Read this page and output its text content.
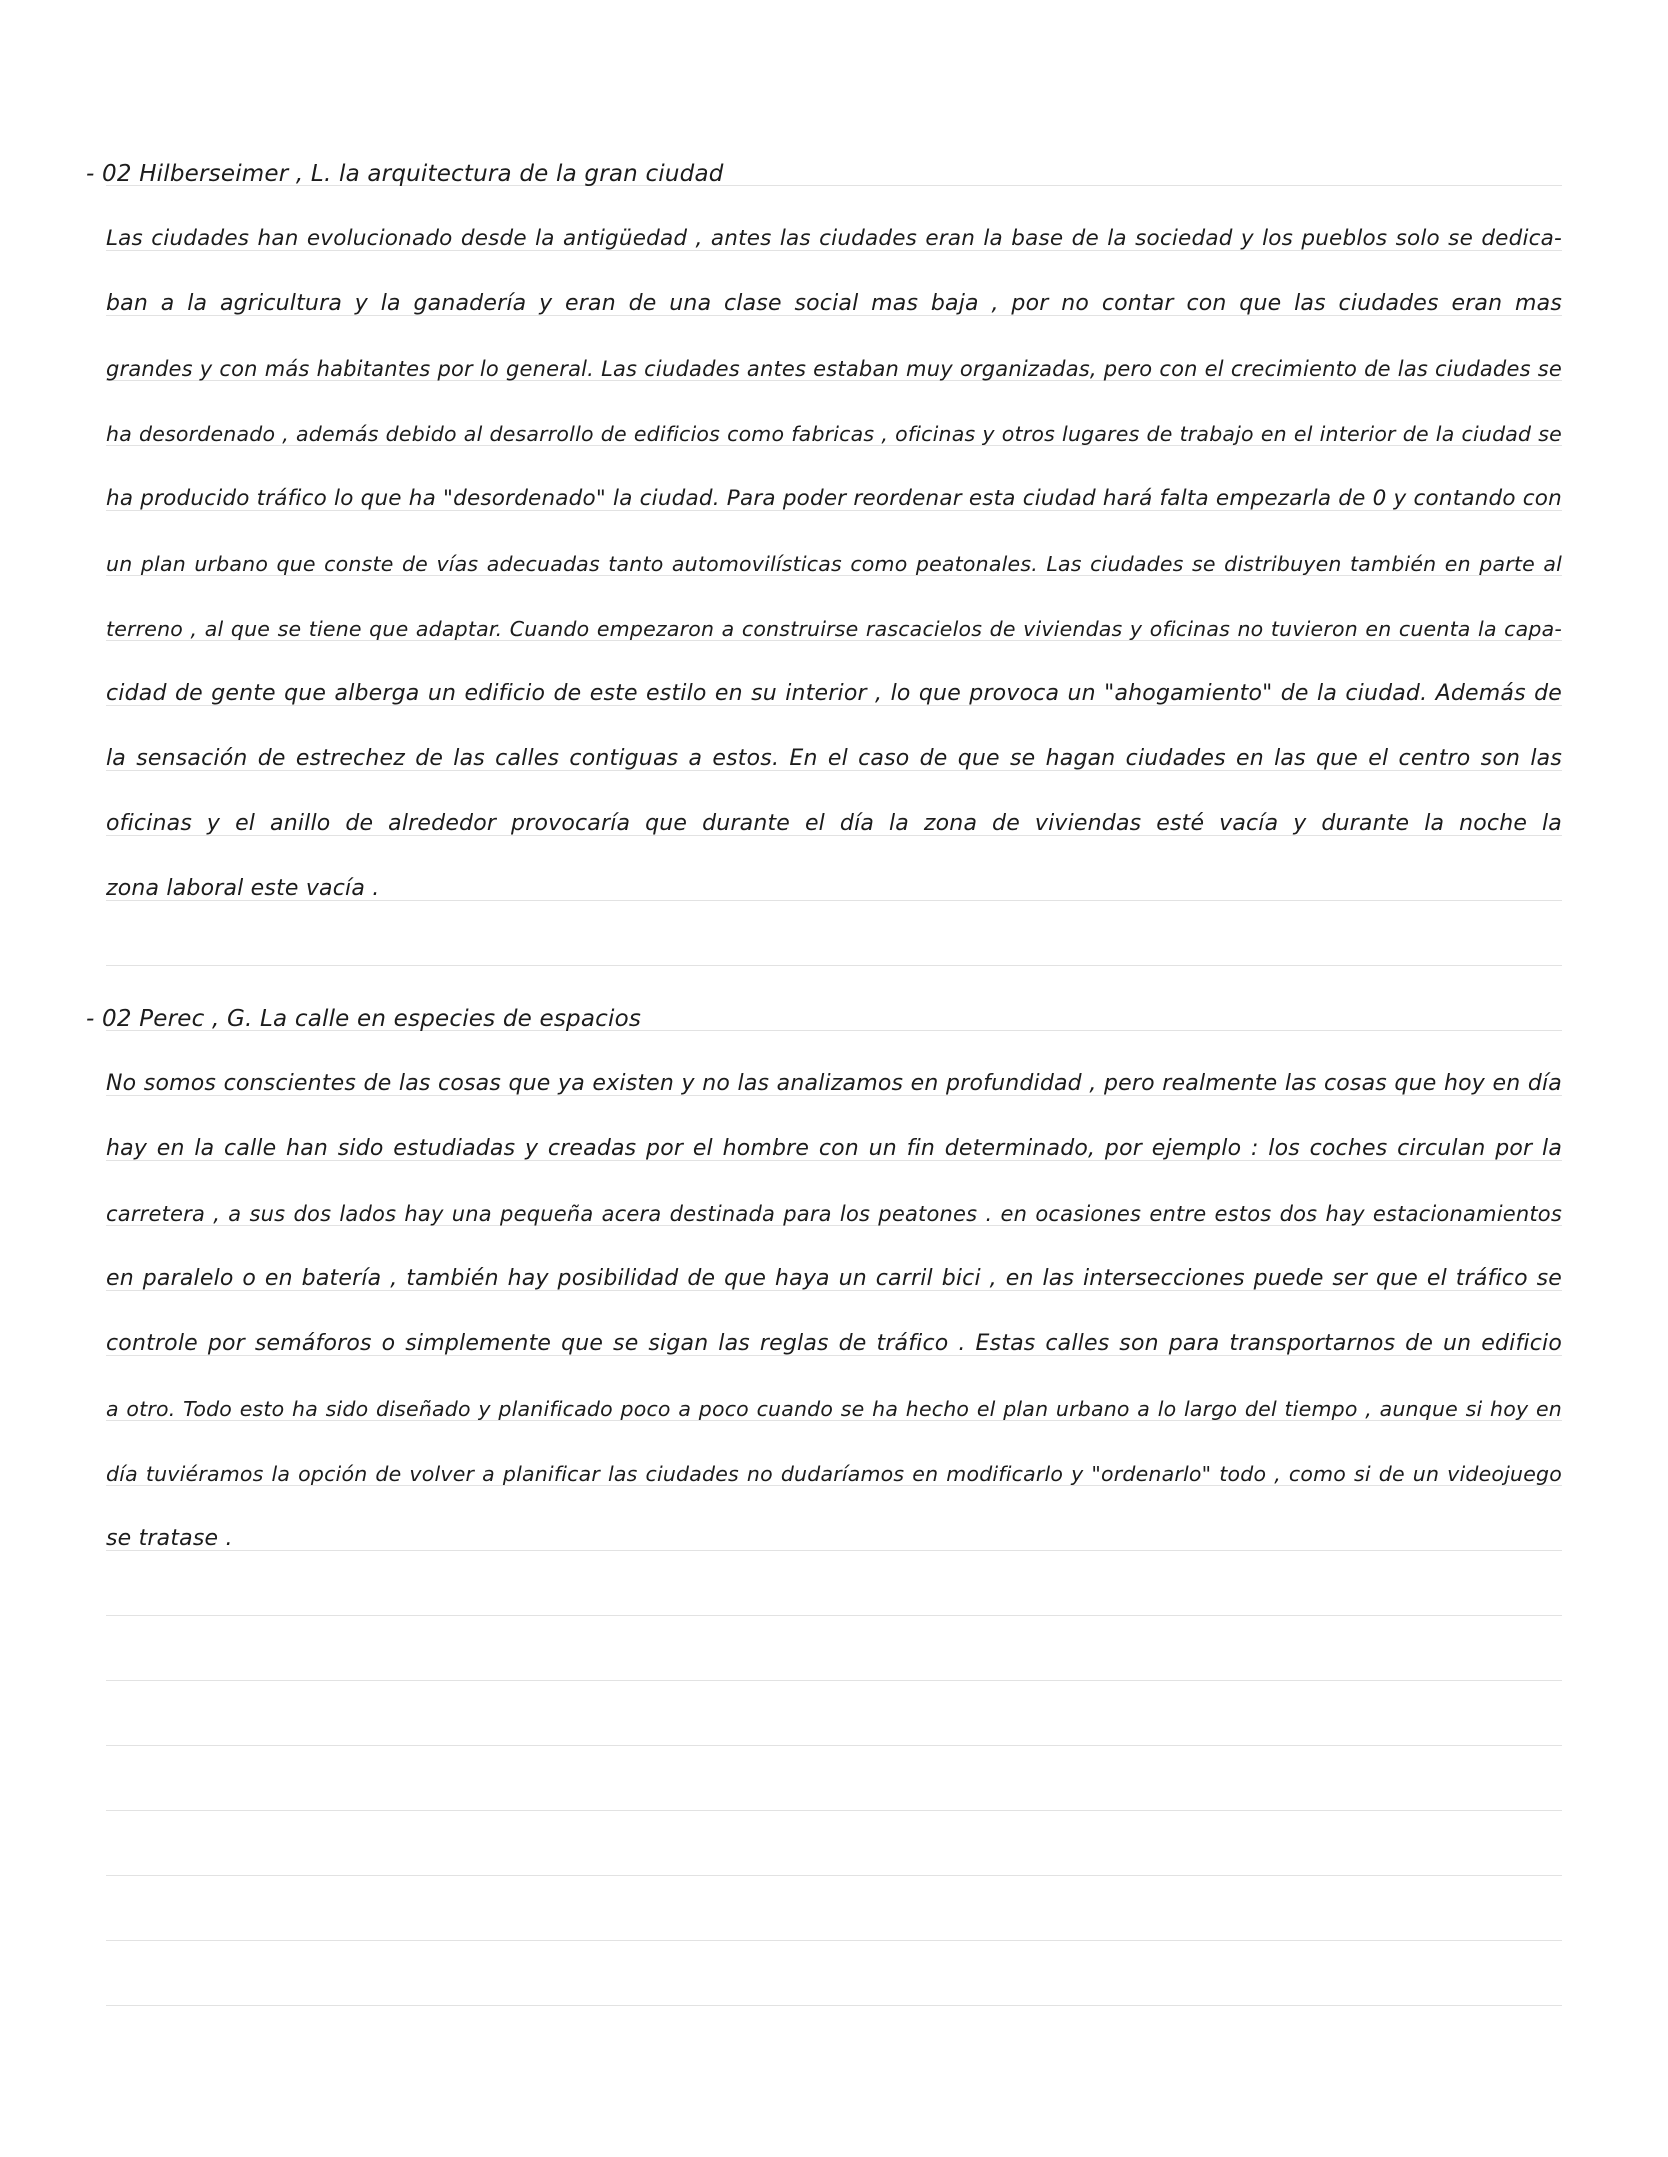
- 02 Hilberseimer , L. la arquitectura de la gran ciudad
Las ciudades han evolucionado desde la antigüedad , antes las ciudades eran la base de la sociedad y los pueblos solo se dedica-
ban a la agricultura y la ganadería y eran de una clase social mas baja , por no contar con que las ciudades eran mas
grandes y con más habitantes por lo general. Las ciudades antes estaban muy organizadas, pero con el crecimiento de las ciudades se
ha desordenado , además debido al desarrollo de edificios como fabricas , oficinas y otros lugares de trabajo en el interior de la ciudad se
ha producido tráfico lo que ha "desordenado" la ciudad. Para poder reordenar esta ciudad hará falta empezarla de 0 y contando con
un plan urbano que conste de vías adecuadas tanto automovilísticas como peatonales. Las ciudades se distribuyen también en parte al
terreno , al que se tiene que adaptar. Cuando empezaron a construirse rascacielos de viviendas y oficinas no tuvieron en cuenta la capa-
cidad de gente que alberga un edificio de este estilo en su interior , lo que provoca un "ahogamiento" de la ciudad. Además de
la sensación de estrechez de las calles contiguas a estos. En el caso de que se hagan ciudades en las que el centro son las
oficinas y el anillo de alrededor provocaría que durante el día la zona de viviendas esté vacía y durante la noche la
zona laboral este vacía .
- 02 Perec , G. La calle en especies de espacios
No somos conscientes de las cosas que ya existen y no las analizamos en profundidad , pero realmente las cosas que hoy en día
hay en la calle han sido estudiadas y creadas por el hombre con un fin determinado, por ejemplo : los coches circulan por la
carretera , a sus dos lados hay una pequeña acera destinada para los peatones . en ocasiones entre estos dos hay estacionamientos
en paralelo o en batería , también hay posibilidad de que haya un carril bici , en las intersecciones puede ser que el tráfico se
controle por semáforos o simplemente que se sigan las reglas de tráfico . Estas calles son para transportarnos de un edificio
a otro. Todo esto ha sido diseñado y planificado poco a poco cuando se ha hecho el plan urbano a lo largo del tiempo , aunque si hoy en
día tuviéramos la opción de volver a planificar las ciudades no dudaríamos en modificarlo y "ordenarlo" todo , como si de un videojuego
se tratase .
